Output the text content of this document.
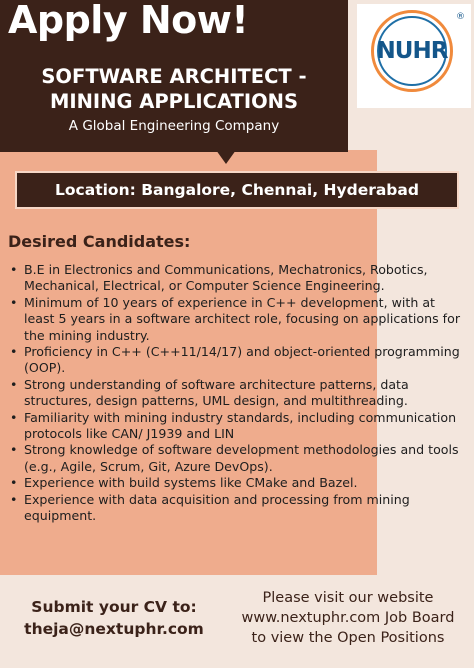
Apply Now!
SOFTWARE ARCHITECT -
MINING APPLICATIONS
A Global Engineering Company
NUHR
®
Location: Bangalore, Chennai, Hyderabad
Desired Candidates:
• B.E in Electronics and Communications, Mechatronics, Robotics, Mechanical, Electrical, or Computer Science Engineering.
• Minimum of 10 years of experience in C++ development, with at least 5 years in a software architect role, focusing on applications for the mining industry.
• Proficiency in C++ (C++11/14/17) and object-oriented programming (OOP).
• Strong understanding of software architecture patterns, data structures, design patterns, UML design, and multithreading.
• Familiarity with mining industry standards, including communication protocols like CAN/ J1939 and LIN
• Strong knowledge of software development methodologies and tools (e.g., Agile, Scrum, Git, Azure DevOps).
• Experience with build systems like CMake and Bazel.
• Experience with data acquisition and processing from mining equipment.
Submit your CV to:
theja@nextuphr.com
Please visit our website
www.nextuphr.com Job Board
to view the Open Positions
